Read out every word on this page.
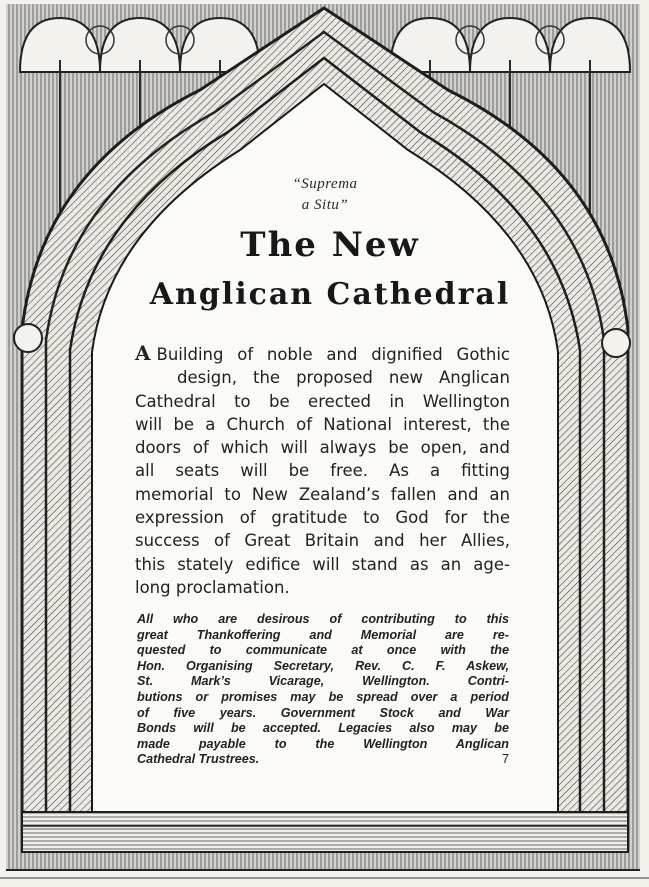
“Suprema
a Situ”
The New
Anglican Cathedral
A Building of noble and dignified Gothic
design, the proposed new Anglican
Cathedral to be erected in Wellington
will be a Church of National interest, the
doors of which will always be open, and
all seats will be free. As a fitting
memorial to New Zealand’s fallen and an
expression of gratitude to God for the
success of Great Britain and her Allies,
this stately edifice will stand as an age-
long proclamation.
All who are desirous of contributing to this
great Thankoffering and Memorial are re-
quested to communicate at once with the
Hon. Organising Secretary, Rev. C. F. Askew,
St. Mark’s Vicarage, Wellington. Contri-
butions or promises may be spread over a period
of five years. Government Stock and War
Bonds will be accepted. Legacies also may be
made payable to the Wellington Anglican
Cathedral Trustrees.	7
